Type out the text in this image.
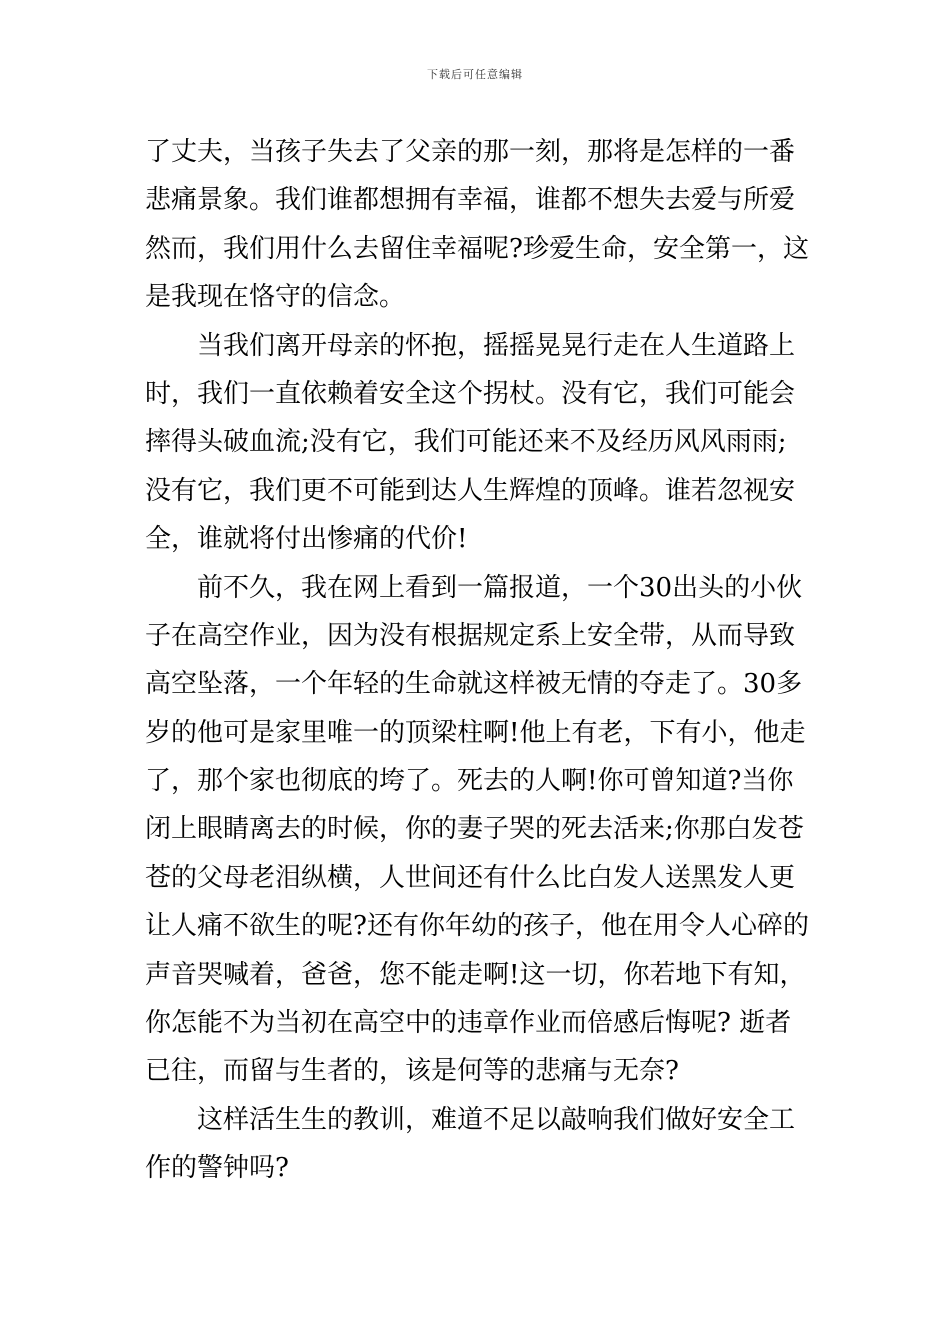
下载后可任意编辑
了丈夫，当孩子失去了父亲的那一刻，那将是怎样的一番
悲痛景象。我们谁都想拥有幸福，谁都不想失去爱与所爱
然而，我们用什么去留住幸福呢?珍爱生命，安全第一，这
是我现在恪守的信念。
　　当我们离开母亲的怀抱，摇摇晃晃行走在人生道路上
时，我们一直依赖着安全这个拐杖。没有它，我们可能会
摔得头破血流;没有它，我们可能还来不及经历风风雨雨;
没有它，我们更不可能到达人生辉煌的顶峰。谁若忽视安
全，谁就将付出惨痛的代价!
　　前不久，我在网上看到一篇报道，一个30出头的小伙
子在高空作业，因为没有根据规定系上安全带，从而导致
高空坠落，一个年轻的生命就这样被无情的夺走了。30多
岁的他可是家里唯一的顶梁柱啊!他上有老，下有小，他走
了，那个家也彻底的垮了。死去的人啊!你可曾知道?当你
闭上眼睛离去的时候，你的妻子哭的死去活来;你那白发苍
苍的父母老泪纵横，人世间还有什么比白发人送黑发人更
让人痛不欲生的呢?还有你年幼的孩子，他在用令人心碎的
声音哭喊着，爸爸，您不能走啊!这一切，你若地下有知，
你怎能不为当初在高空中的违章作业而倍感后悔呢? 逝者
已往，而留与生者的，该是何等的悲痛与无奈?
　　这样活生生的教训，难道不足以敲响我们做好安全工
作的警钟吗?
